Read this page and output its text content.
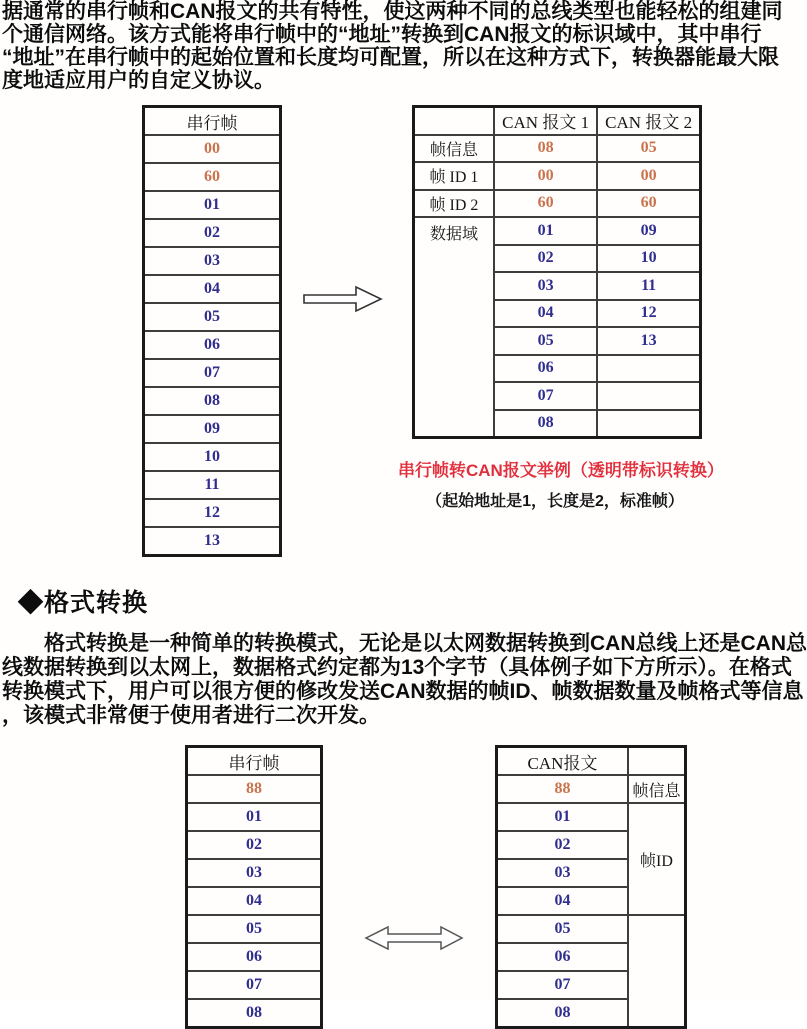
据通常的串行帧和CAN报文的共有特性，使这两种不同的总线类型也能轻松的组建同
个通信网络。该方式能将串行帧中的“地址”转换到CAN报文的标识域中，其中串行
“地址”在串行帧中的起始位置和长度均可配置，所以在这种方式下，转换器能最大限
度地适应用户的自定义协议。
串行帧
00
60
01
02
03
04
05
06
07
08
09
10
11
12
13
	CAN 报文 1	CAN 报文 2
帧信息	08	05
帧 ID 1	00	00
帧 ID 2	60	60
数据域	01	09
	02	10
	03	11
	04	12
	05	13
	06	
	07	
	08	
串行帧转CAN报文举例（透明带标识转换）
（起始地址是1，长度是2，标准帧）
◆格式转换
　　格式转换是一种简单的转换模式，无论是以太网数据转换到CAN总线上还是CAN总
线数据转换到以太网上，数据格式约定都为13个字节（具体例子如下方所示）。在格式
转换模式下，用户可以很方便的修改发送CAN数据的帧ID、帧数据数量及帧格式等信息
，该模式非常便于使用者进行二次开发。
串行帧
88
01
02
03
04
05
06
07
08
CAN报文	
88	帧信息
01	帧ID
02	
03	
04	
05	
06	
07	
08	
